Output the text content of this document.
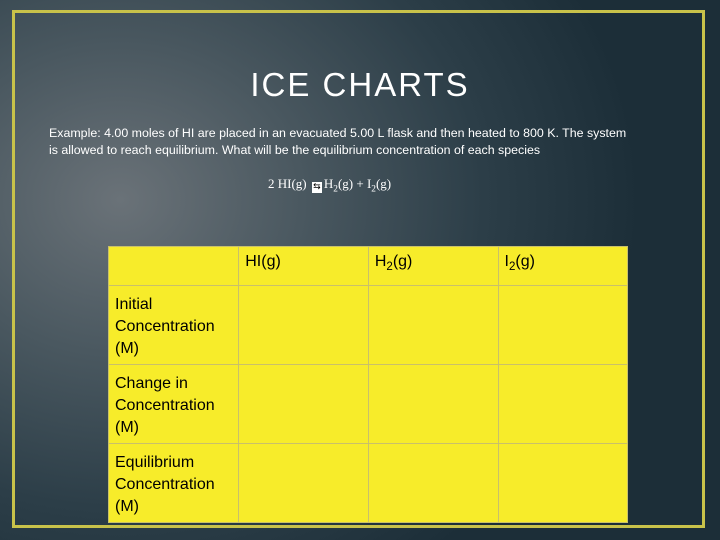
ICE CHARTS
Example: 4.00 moles of HI are placed in an evacuated 5.00 L flask and then heated to 800 K. The system is allowed to reach equilibrium. What will be the equilibrium concentration of each species
2 HI(g) ⇆ $H_2(g) + I_2(g)$

	HI(g)	$H_2(g)$	$I_2(g)$

Initial Concentration (M)			
Change in Concentration (M)			
Equilibrium Concentration (M)			
